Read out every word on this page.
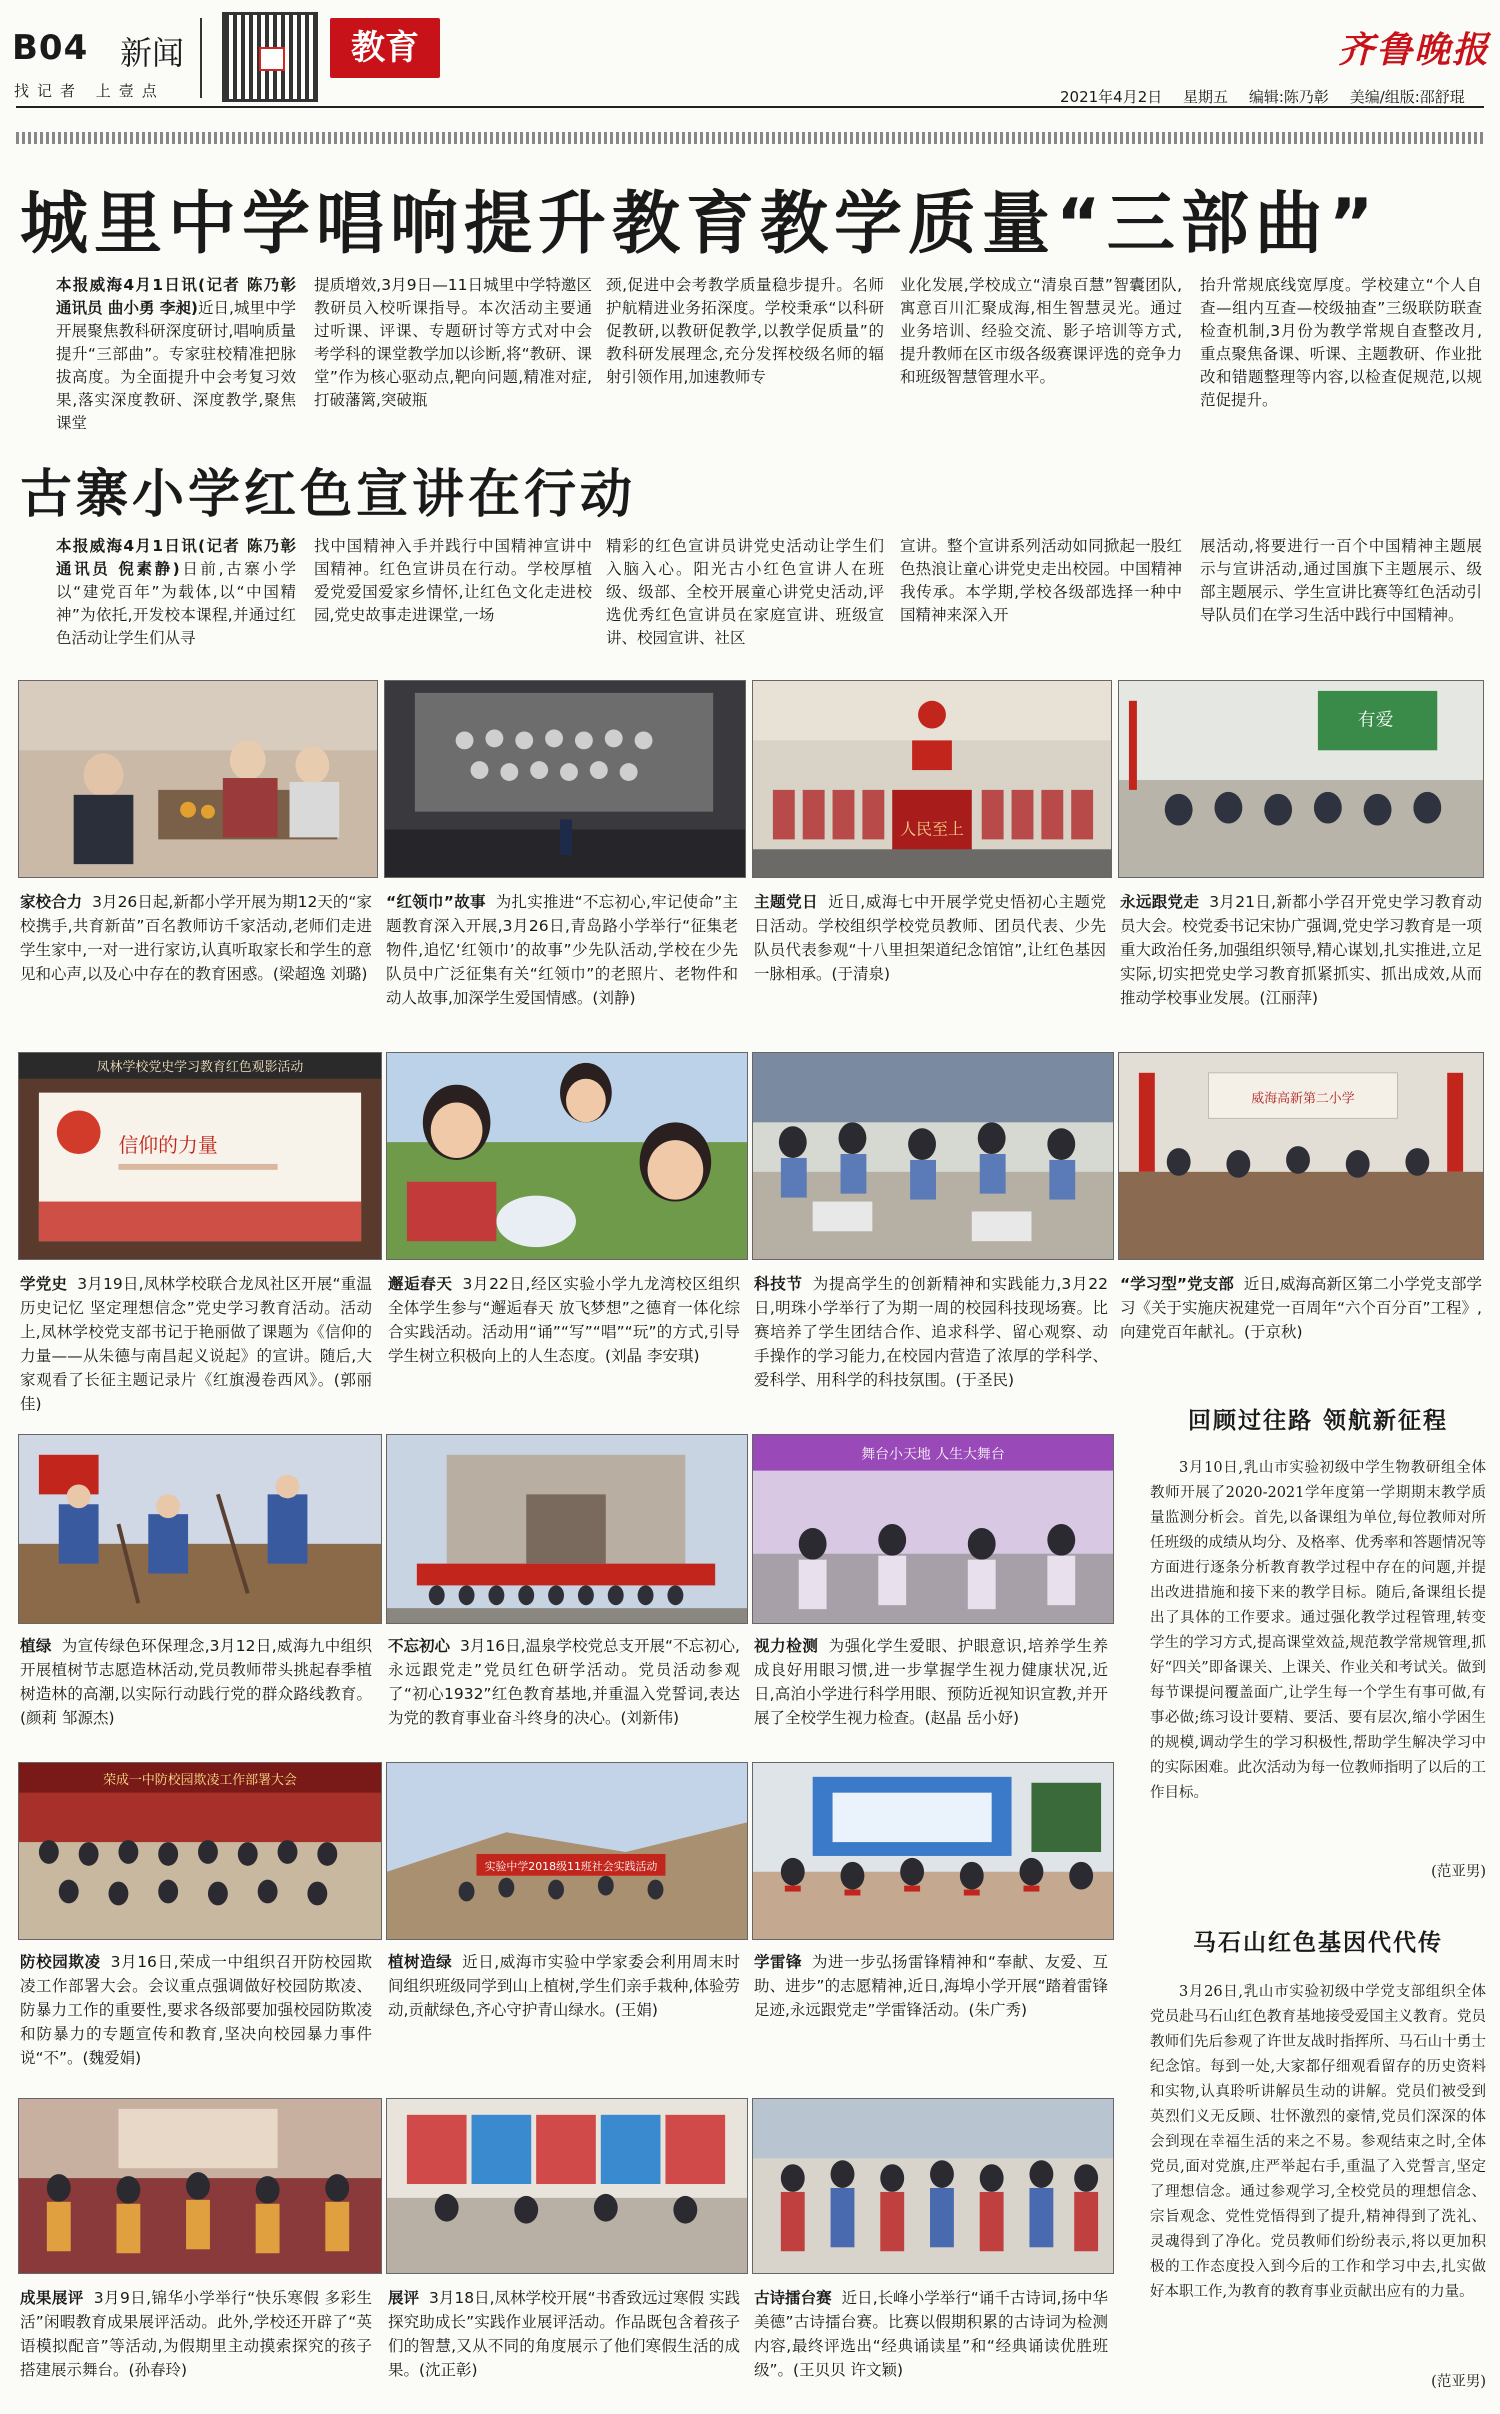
B04 新闻
找记者 上壹点
教育	齐鲁晚报
2021年4月2日 星期五 编辑:陈乃彰 美编/组版:邵舒琨
城里中学唱响提升教育教学质量“三部曲”
本报威海4月1日讯(记者 陈乃彰 通讯员 曲小勇 李昶)近日,城里中学开展聚焦教科研深度研讨,唱响质量提升“三部曲”。专家驻校精准把脉拔高度。为全面提升中会考复习效果,落实深度教研、深度教学,聚焦课堂
提质增效,3月9日—11日城里中学特邀区教研员入校听课指导。本次活动主要通过听课、评课、专题研讨等方式对中会考学科的课堂教学加以诊断,将“教研、课堂”作为核心驱动点,靶向问题,精准对症,打破藩篱,突破瓶
颈,促进中会考教学质量稳步提升。名师护航精进业务拓深度。学校秉承“以科研促教研,以教研促教学,以教学促质量”的教科研发展理念,充分发挥校级名师的辐射引领作用,加速教师专
业化发展,学校成立“清泉百慧”智囊团队,寓意百川汇聚成海,相生智慧灵光。通过业务培训、经验交流、影子培训等方式,提升教师在区市级各级赛课评选的竞争力和班级智慧管理水平。
抬升常规底线宽厚度。学校建立“个人自查—组内互查—校级抽查”三级联防联查检查机制,3月份为教学常规自查整改月,重点聚焦备课、听课、主题教研、作业批改和错题整理等内容,以检查促规范,以规范促提升。
古寨小学红色宣讲在行动
本报威海4月1日讯(记者 陈乃彰 通讯员 倪素静)日前,古寨小学以“建党百年”为载体,以“中国精神”为依托,开发校本课程,并通过红色活动让学生们从寻
找中国精神入手并践行中国精神宣讲中国精神。红色宣讲员在行动。学校厚植爱党爱国爱家乡情怀,让红色文化走进校园,党史故事走进课堂,一场
精彩的红色宣讲员讲党史活动让学生们入脑入心。阳光古小红色宣讲人在班级、级部、全校开展童心讲党史活动,评选优秀红色宣讲员在家庭宣讲、班级宣讲、校园宣讲、社区
宣讲。整个宣讲系列活动如同掀起一股红色热浪让童心讲党史走出校园。中国精神我传承。本学期,学校各级部选择一种中国精神来深入开
展活动,将要进行一百个中国精神主题展示与宣讲活动,通过国旗下主题展示、级部主题展示、学生宣讲比赛等红色活动引导队员们在学习生活中践行中国精神。
人民至上
有爱
家校合力 3月26日起,新都小学开展为期12天的“家校携手,共育新苗”百名教师访千家活动,老师们走进学生家中,一对一进行家访,认真听取家长和学生的意见和心声,以及心中存在的教育困惑。(梁超逸 刘璐)
“红领巾”故事 为扎实推进“不忘初心,牢记使命”主题教育深入开展,3月26日,青岛路小学举行“征集老物件,追忆‘红领巾’的故事”少先队活动,学校在少先队员中广泛征集有关“红领巾”的老照片、老物件和动人故事,加深学生爱国情感。(刘静)
主题党日 近日,威海七中开展学党史悟初心主题党日活动。学校组织学校党员教师、团员代表、少先队员代表参观“十八里担架道纪念馆馆”,让红色基因一脉相承。(于清泉)
永远跟党走 3月21日,新都小学召开党史学习教育动员大会。校党委书记宋协广强调,党史学习教育是一项重大政治任务,加强组织领导,精心谋划,扎实推进,立足实际,切实把党史学习教育抓紧抓实、抓出成效,从而推动学校事业发展。(江丽萍)
凤林学校党史学习教育红色观影活动
信仰的力量
威海高新第二小学
学党史 3月19日,凤林学校联合龙凤社区开展“重温历史记忆 坚定理想信念”党史学习教育活动。活动上,凤林学校党支部书记于艳丽做了课题为《信仰的力量——从朱德与南昌起义说起》的宣讲。随后,大家观看了长征主题记录片《红旗漫卷西风》。(郭丽佳)
邂逅春天 3月22日,经区实验小学九龙湾校区组织全体学生参与“邂逅春天 放飞梦想”之德育一体化综合实践活动。活动用“诵”“写”“唱”“玩”的方式,引导学生树立积极向上的人生态度。(刘晶 李安琪)
科技节 为提高学生的创新精神和实践能力,3月22日,明珠小学举行了为期一周的校园科技现场赛。比赛培养了学生团结合作、追求科学、留心观察、动手操作的学习能力,在校园内营造了浓厚的学科学、爱科学、用科学的科技氛围。(于圣民)
“学习型”党支部 近日,威海高新区第二小学党支部学习《关于实施庆祝建党一百周年“六个百分百”工程》,向建党百年献礼。(于京秋)
舞台小天地 人生大舞台
植绿 为宣传绿色环保理念,3月12日,威海九中组织开展植树节志愿造林活动,党员教师带头挑起春季植树造林的高潮,以实际行动践行党的群众路线教育。(颜莉 邹源杰)
不忘初心 3月16日,温泉学校党总支开展“不忘初心,永远跟党走”党员红色研学活动。党员活动参观了“初心1932”红色教育基地,并重温入党誓词,表达为党的教育事业奋斗终身的决心。(刘新伟)
视力检测 为强化学生爱眼、护眼意识,培养学生养成良好用眼习惯,进一步掌握学生视力健康状况,近日,高泊小学进行科学用眼、预防近视知识宣教,并开展了全校学生视力检查。(赵晶 岳小妤)
荣成一中防校园欺凌工作部署大会
实验中学2018级11班社会实践活动
防校园欺凌 3月16日,荣成一中组织召开防校园欺凌工作部署大会。会议重点强调做好校园防欺凌、防暴力工作的重要性,要求各级部要加强校园防欺凌和防暴力的专题宣传和教育,坚决向校园暴力事件说“不”。(魏爱娟)
植树造绿 近日,威海市实验中学家委会利用周末时间组织班级同学到山上植树,学生们亲手栽种,体验劳动,贡献绿色,齐心守护青山绿水。(王娟)
学雷锋 为进一步弘扬雷锋精神和“奉献、友爱、互助、进步”的志愿精神,近日,海埠小学开展“踏着雷锋足迹,永远跟党走”学雷锋活动。(朱广秀)
成果展评 3月9日,锦华小学举行“快乐寒假 多彩生活”闲暇教育成果展评活动。此外,学校还开辟了“英语模拟配音”等活动,为假期里主动摸索探究的孩子搭建展示舞台。(孙春玲)
展评 3月18日,凤林学校开展“书香致远过寒假 实践探究助成长”实践作业展评活动。作品既包含着孩子们的智慧,又从不同的角度展示了他们寒假生活的成果。(沈正彰)
古诗擂台赛 近日,长峰小学举行“诵千古诗词,扬中华美德”古诗擂台赛。比赛以假期积累的古诗词为检测内容,最终评选出“经典诵读星”和“经典诵读优胜班级”。(王贝贝 许文颖)
回顾过往路 领航新征程
3月10日,乳山市实验初级中学生物教研组全体教师开展了2020-2021学年度第一学期期末教学质量监测分析会。首先,以备课组为单位,每位教师对所任班级的成绩从均分、及格率、优秀率和答题情况等方面进行逐条分析教育教学过程中存在的问题,并提出改进措施和接下来的教学目标。随后,备课组长提出了具体的工作要求。通过强化教学过程管理,转变学生的学习方式,提高课堂效益,规范教学常规管理,抓好“四关”即备课关、上课关、作业关和考试关。做到每节课提问覆盖面广,让学生每一个学生有事可做,有事必做;练习设计要精、要活、要有层次,缩小学困生的规模,调动学生的学习积极性,帮助学生解决学习中的实际困难。此次活动为每一位教师指明了以后的工作目标。
(范亚男)
马石山红色基因代代传
3月26日,乳山市实验初级中学党支部组织全体党员赴马石山红色教育基地接受爱国主义教育。党员教师们先后参观了许世友战时指挥所、马石山十勇士纪念馆。每到一处,大家都仔细观看留存的历史资料和实物,认真聆听讲解员生动的讲解。党员们被受到英烈们义无反顾、壮怀激烈的豪情,党员们深深的体会到现在幸福生活的来之不易。参观结束之时,全体党员,面对党旗,庄严举起右手,重温了入党誓言,坚定了理想信念。通过参观学习,全校党员的理想信念、宗旨观念、党性党悟得到了提升,精神得到了洗礼、灵魂得到了净化。党员教师们纷纷表示,将以更加积极的工作态度投入到今后的工作和学习中去,扎实做好本职工作,为教育的教育事业贡献出应有的力量。
(范亚男)
